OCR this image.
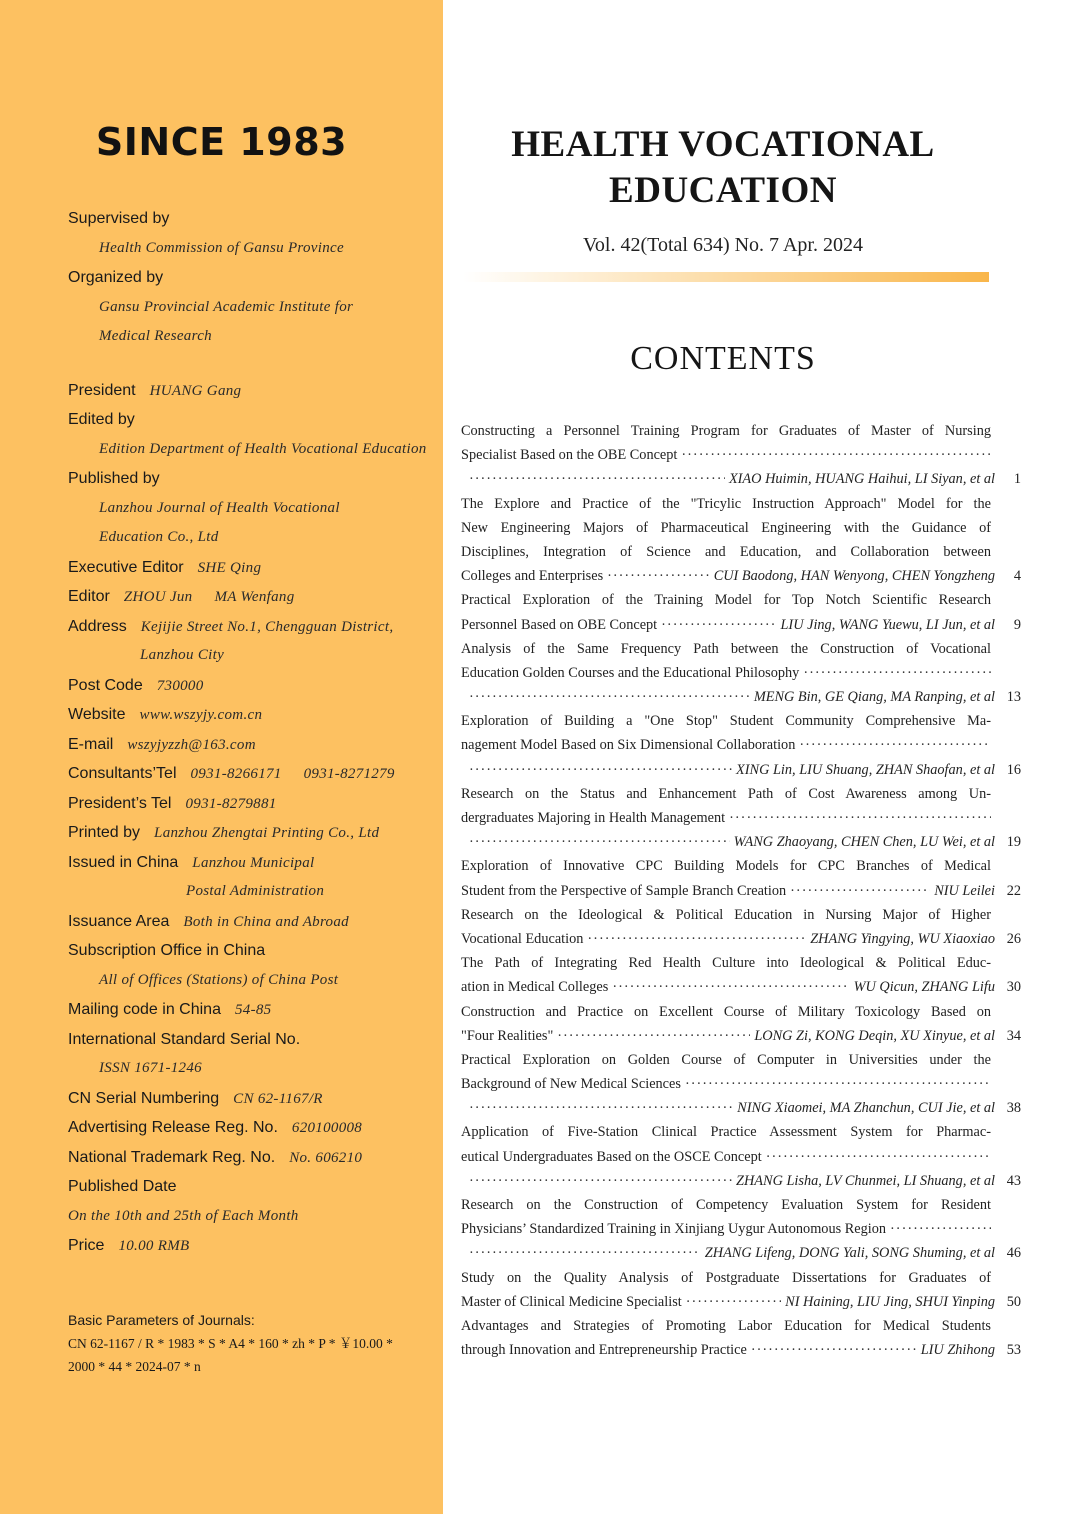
SINCE 1983
Supervised by
Health Commission of Gansu Province
Organized by
Gansu Provincial Academic Institute for
Medical Research
President HUANG Gang
Edited by
Edition Department of Health Vocational Education
Published by
Lanzhou Journal of Health Vocational
Education Co., Ltd
Executive Editor SHE Qing
Editor ZHOU Jun MA Wenfang
Address Kejijie Street No.1, Chengguan District,
Lanzhou City
Post Code 730000
Website www.wszyjy.com.cn
E-mail wszyjyzzh@163.com
Consultants’Tel 0931-8266171 0931-8271279
President’s Tel 0931-8279881
Printed by Lanzhou Zhengtai Printing Co., Ltd
Issued in China Lanzhou Municipal
Postal Administration
Issuance Area Both in China and Abroad
Subscription Office in China
All of Offices (Stations) of China Post
Mailing code in China 54-85
International Standard Serial No.
ISSN 1671-1246
CN Serial Numbering CN 62-1167/R
Advertising Release Reg. No. 620100008
National Trademark Reg. No. No. 606210
Published Date
On the 10th and 25th of Each Month
Price 10.00 RMB
Basic Parameters of Journals:
CN 62-1167 / R * 1983 * S * A4 * 160 * zh * P * ￥10.00 * 2000 * 44 * 2024-07 * n
HEALTH VOCATIONAL
EDUCATION
Vol. 42(Total 634) No. 7 Apr. 2024
CONTENTS
Constructing a Personnel Training Program for Graduates of Master of Nursing
Specialist Based on the OBE Concept
·····
·····
XIAO Huimin, HUANG Haihui, LI Siyan, et al	1
The Explore and Practice of the "Tricylic Instruction Approach" Model for the
New Engineering Majors of Pharmaceutical Engineering with the Guidance of
Disciplines, Integration of Science and Education, and Collaboration between
Colleges and Enterprises ·····	CUI Baodong, HAN Wenyong, CHEN Yongzheng	4
Practical Exploration of the Training Model for Top Notch Scientific Research
Personnel Based on OBE Concept ·····	LIU Jing, WANG Yuewu, LI Jun, et al	9
Analysis of the Same Frequency Path between the Construction of Vocational
Education Golden Courses and the Educational Philosophy
·····
·····
MENG Bin, GE Qiang, MA Ranping, et al 13
Exploration of Building a "One Stop" Student Community Comprehensive Ma-
nagement Model Based on Six Dimensional Collaboration
·····
·····
XING Lin, LIU Shuang, ZHAN Shaofan, et al 16
Research on the Status and Enhancement Path of Cost Awareness among Un-
dergraduates Majoring in Health Management
·····
·····
WANG Zhaoyang, CHEN Chen, LU Wei, et al 19
Exploration of Innovative CPC Building Models for CPC Branches of Medical
Student from the Perspective of Sample Branch Creation ·····	NIU Leilei 22
Research on the Ideological & Political Education in Nursing Major of Higher
Vocational Education ·····	ZHANG Yingying, WU Xiaoxiao 26
The Path of Integrating Red Health Culture into Ideological & Political Educ-
ation in Medical Colleges ·····	WU Qicun, ZHANG Lifu 30
Construction and Practice on Excellent Course of Military Toxicology Based on
"Four Realities" ·····	LONG Zi, KONG Deqin, XU Xinyue, et al 34
Practical Exploration on Golden Course of Computer in Universities under the
Background of New Medical Sciences
·····
·····
NING Xiaomei, MA Zhanchun, CUI Jie, et al 38
Application of Five-Station Clinical Practice Assessment System for Pharmac-
eutical Undergraduates Based on the OSCE Concept
·····
·····
ZHANG Lisha, LV Chunmei, LI Shuang, et al 43
Research on the Construction of Competency Evaluation System for Resident
Physicians’ Standardized Training in Xinjiang Uygur Autonomous Region
·····
·····
ZHANG Lifeng, DONG Yali, SONG Shuming, et al 46
Study on the Quality Analysis of Postgraduate Dissertations for Graduates of
Master of Clinical Medicine Specialist ·····	NI Haining, LIU Jing, SHUI Yinping 50
Advantages and Strategies of Promoting Labor Education for Medical Students
through Innovation and Entrepreneurship Practice ·····	LIU Zhihong 53
